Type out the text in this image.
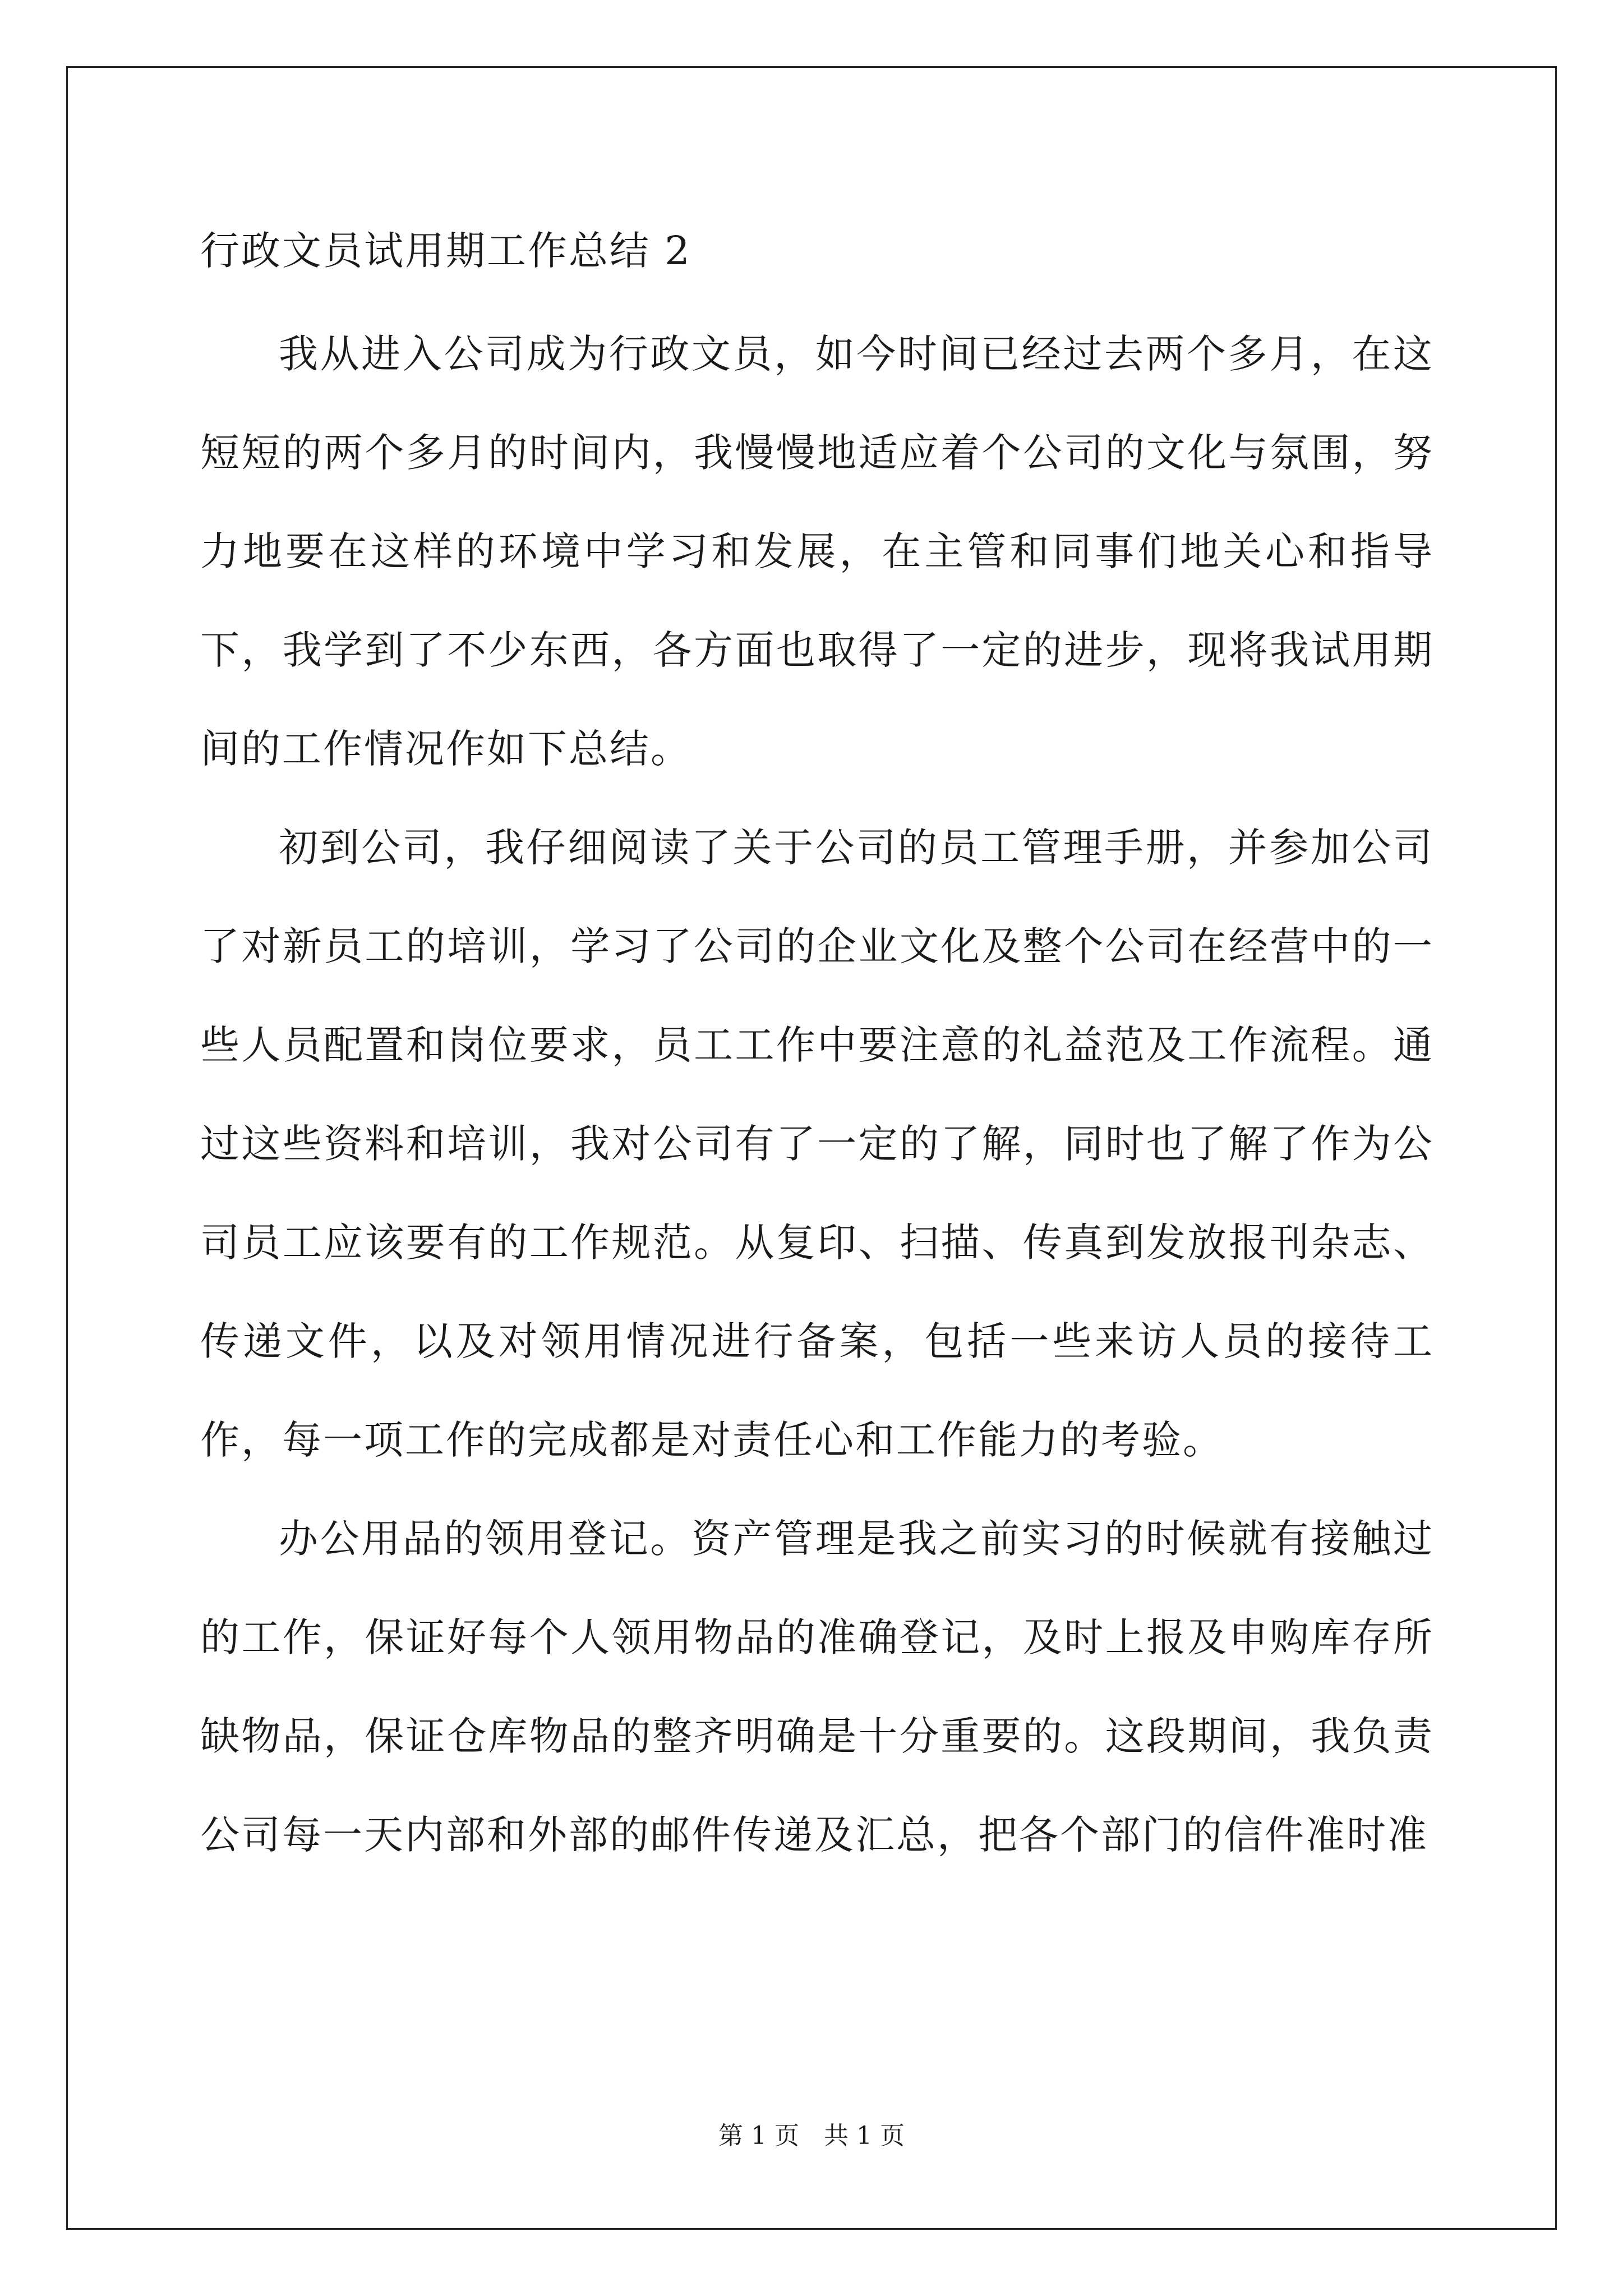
行政文员试用期工作总结 2

我从进入公司成为行政文员，如今时间已经过去两个多月，在这短短的两个多月的时间内，我慢慢地适应着个公司的文化与氛围，努力地要在这样的环境中学习和发展，在主管和同事们地关心和指导下，我学到了不少东西，各方面也取得了一定的进步，现将我试用期间的工作情况作如下总结。

初到公司，我仔细阅读了关于公司的员工管理手册，并参加公司了对新员工的培训，学习了公司的企业文化及整个公司在经营中的一些人员配置和岗位要求，员工工作中要注意的礼益范及工作流程。通过这些资料和培训，我对公司有了一定的了解，同时也了解了作为公司员工应该要有的工作规范。从复印、扫描、传真到发放报刊杂志、传递文件，以及对领用情况进行备案，包括一些来访人员的接待工作，每一项工作的完成都是对责任心和工作能力的考验。

办公用品的领用登记。资产管理是我之前实习的时候就有接触过的工作，保证好每个人领用物品的准确登记，及时上报及申购库存所缺物品，保证仓库物品的整齐明确是十分重要的。这段期间，我负责公司每一天内部和外部的邮件传递及汇总，把各个部门的信件准时准

第 1 页　共 1 页
